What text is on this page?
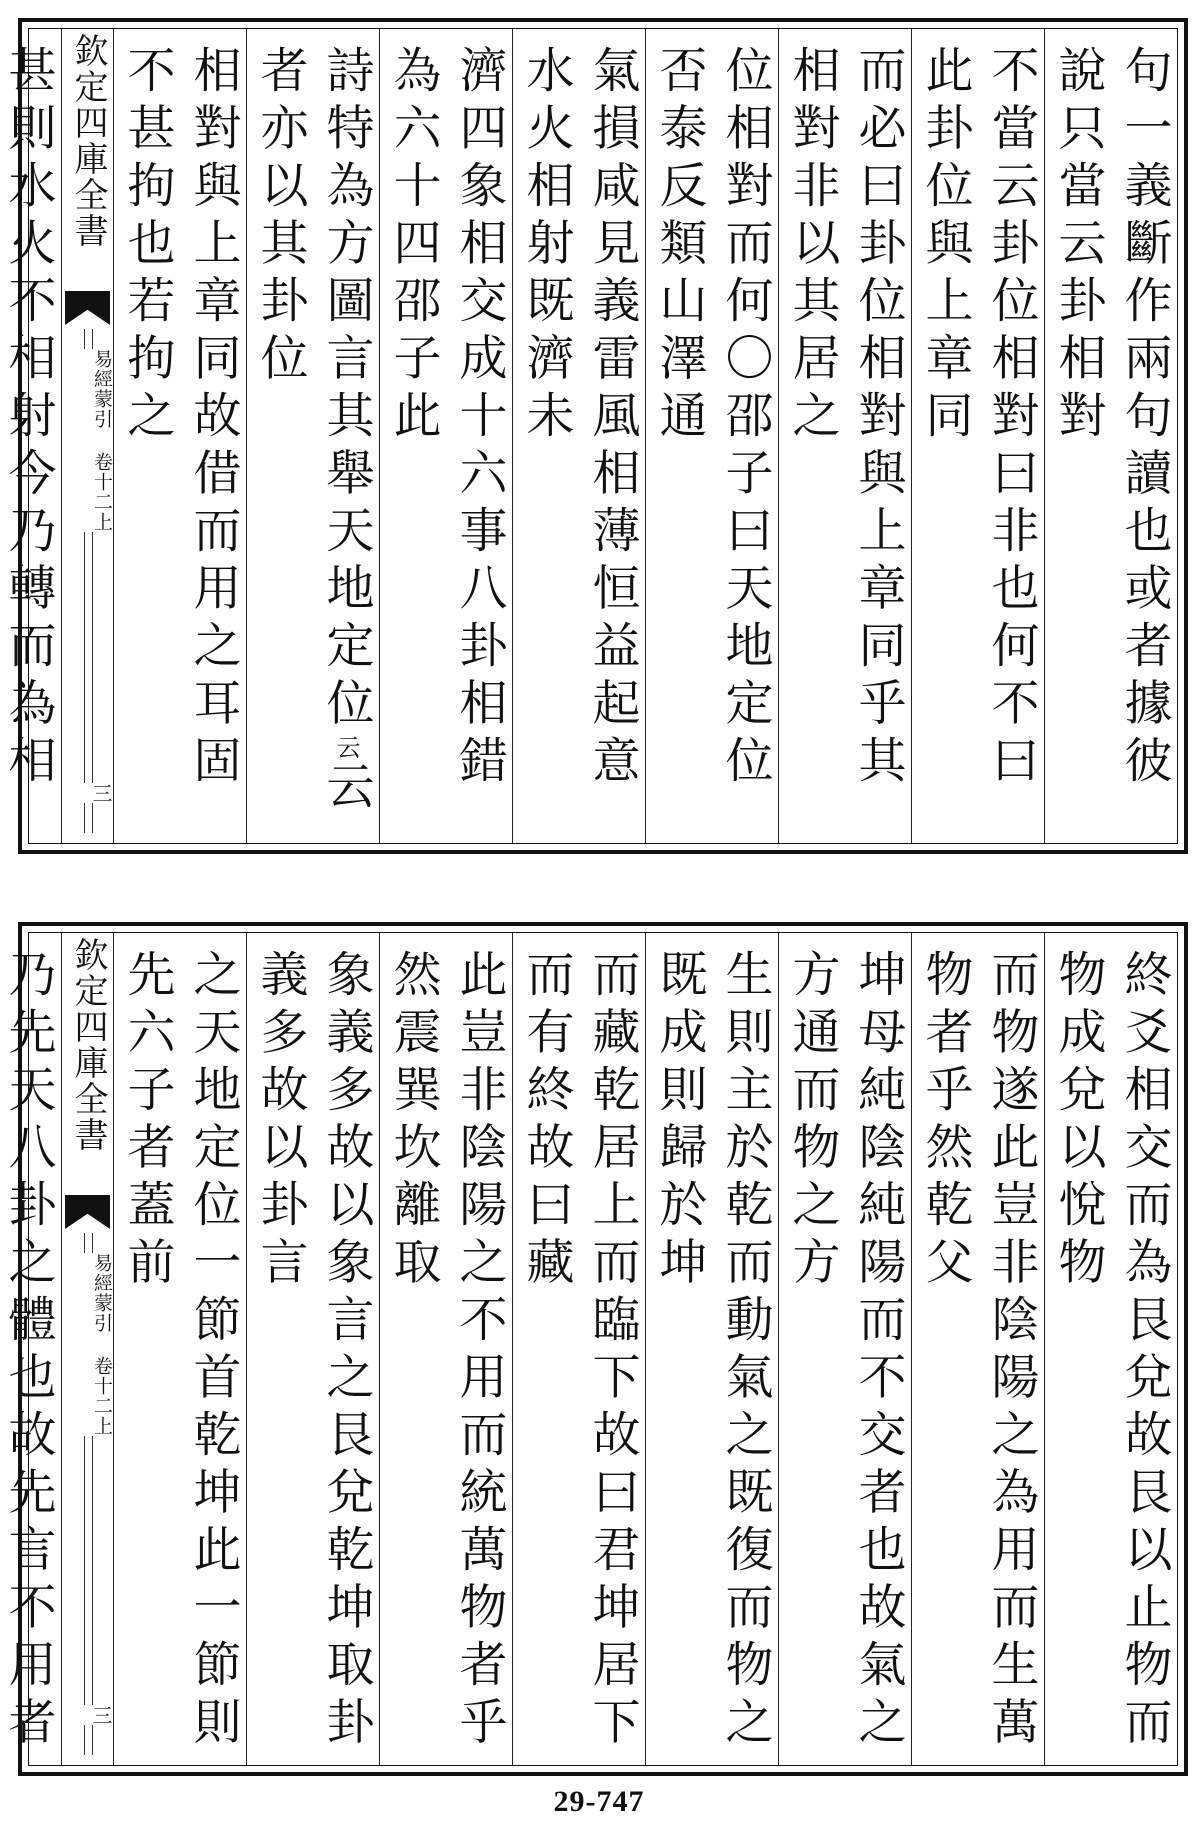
句一義斷作兩句讀也或者據彼說只當云卦相對
不當云卦位相對曰非也何不曰此卦位與上章同
而必曰卦位相對與上章同乎其相對非以其居之
位相對而何〇邵子曰天地定位否泰反類山澤通
氣損咸見義雷風相薄恒益起意水火相射既濟未
濟四象相交成十六事八卦相錯為六十四邵子此
詩特為方圖言其舉天地定位云云者亦以其卦位
相對與上章同故借而用之耳固不甚拘也若拘之
欽定四庫全書
易經蒙引 卷十二上
三
甚則水火不相射今乃轉而為相
終爻相交而為艮兌故艮以止物而物成兌以悅物
而物遂此豈非陰陽之為用而生萬物者乎然乾父
坤母純陰純陽而不交者也故氣之方通而物之方
生則主於乾而動氣之既復而物之既成則歸於坤
而藏乾居上而臨下故曰君坤居下而有終故曰藏
此豈非陰陽之不用而統萬物者乎然震巽坎離取
象義多故以象言之艮兌乾坤取卦義多故以卦言
之天地定位一節首乾坤此一節則先六子者蓋前
欽定四庫全書
易經蒙引 卷十二上
三
乃先天八卦之體也故先言不用者
29-747
